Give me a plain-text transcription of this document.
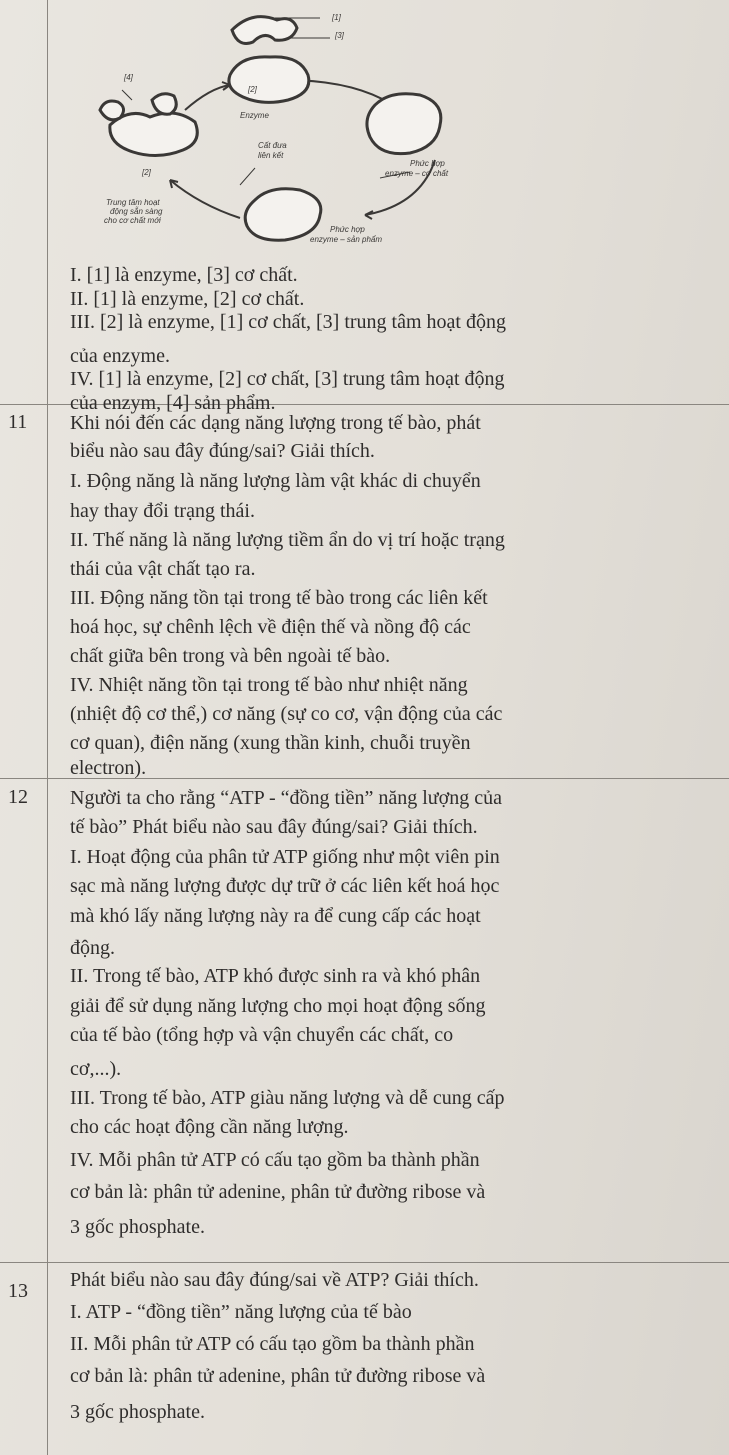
[1]
[3]
[4]
[2]
[2]
Enzyme
Cất đưa
liên kết
Trung tâm hoạt
động sẵn sàng
cho cơ chất mới
Phức hợp
enzyme – cơ chất
Phức hợp
enzyme – sản phẩm
I. [1] là enzyme, [3] cơ chất.
II. [1] là enzyme, [2] cơ chất.
III. [2] là enzyme, [1] cơ chất, [3] trung tâm hoạt động
của enzyme.
IV. [1] là enzyme, [2] cơ chất, [3] trung tâm hoạt động
của enzym, [4] sản phẩm.
11 Khi nói đến các dạng năng lượng trong tế bào, phát
biểu nào sau đây đúng/sai? Giải thích.
I. Động năng là năng lượng làm vật khác di chuyển
hay thay đổi trạng thái.
II. Thế năng là năng lượng tiềm ẩn do vị trí hoặc trạng
thái của vật chất tạo ra.
III. Động năng tồn tại trong tế bào trong các liên kết
hoá học, sự chênh lệch về điện thế và nồng độ các
chất giữa bên trong và bên ngoài tế bào.
IV. Nhiệt năng tồn tại trong tế bào như nhiệt năng
(nhiệt độ cơ thể,) cơ năng (sự co cơ, vận động của các
cơ quan), điện năng (xung thần kinh, chuỗi truyền
electron).
12 Người ta cho rằng “ATP - “đồng tiền” năng lượng của
tế bào” Phát biểu nào sau đây đúng/sai? Giải thích.
I. Hoạt động của phân tử ATP giống như một viên pin
sạc mà năng lượng được dự trữ ở các liên kết hoá học
mà khó lấy năng lượng này ra để cung cấp các hoạt
động.
II. Trong tế bào, ATP khó được sinh ra và khó phân
giải để sử dụng năng lượng cho mọi hoạt động sống
của tế bào (tổng hợp và vận chuyển các chất, co
cơ,...).
III. Trong tế bào, ATP giàu năng lượng và dễ cung cấp
cho các hoạt động cần năng lượng.
IV. Mỗi phân tử ATP có cấu tạo gồm ba thành phần
cơ bản là: phân tử adenine, phân tử đường ribose và
3 gốc phosphate.
13 Phát biểu nào sau đây đúng/sai về ATP? Giải thích.
I. ATP - “đồng tiền” năng lượng của tế bào
II. Mỗi phân tử ATP có cấu tạo gồm ba thành phần
cơ bản là: phân tử adenine, phân tử đường ribose và
3 gốc phosphate.
